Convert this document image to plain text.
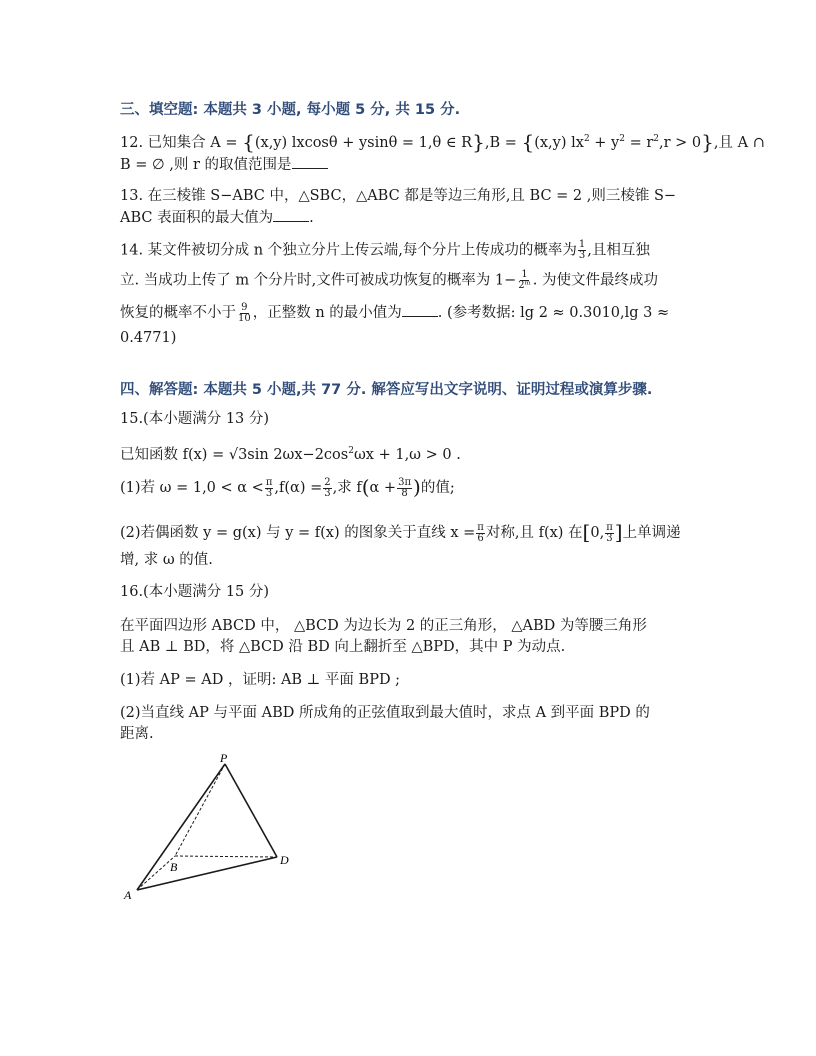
三、填空题: 本题共 3 小题, 每小题 5 分, 共 15 分.
12. 已知集合 A = {(x,y) lxcosθ + ysinθ = 1,θ ∈ R},B = {(x,y) $lx^2 + y^2 = r^2,r > 0$},且 A ∩
B = ∅ ,则 r 的取值范围是
13. 在三棱锥 S−ABC 中，△SBC，△ABC 都是等边三角形,且 BC = 2 ,则三棱锥 S−
ABC 表面积的最大值为 .
14. 某文件被切分成 n 个独立分片上传云端,每个分片上传成功的概率为 $\frac{1}{3}$ ,且相互独
立. 当成功上传了 m 个分片时,文件可被成功恢复的概率为 $1- \frac{1}{\text{2ᵐ}}$ . 为使文件最终成功
恢复的概率不小于 $\frac{9}{10}$ ，正整数 n 的最小值为 . (参考数据: lg 2 ≈ 0.3010,lg 3 ≈
0.4771)
四、解答题: 本题共 5 小题,共 77 分. 解答应写出文字说明、证明过程或演算步骤.
15.(本小题满分 13 分)
已知函数 f(x) = √3sin $2\omega x-2\cos^2\omega x + 1,\omega > 0$ .
(1)若 $\omega = 1,0 < \alpha < \frac{\pi}{3} ,f(\alpha) = \frac{2}{3}$ ,求 $f(\alpha + \frac{3\pi}{8}$ )的值;
(2)若偶函数 y = g(x) 与 y = f(x) 的图象关于直线 $x = \frac{\pi}{6}$ 对称,且 f(x) 在[0, $\frac{\pi}{3}$ ]上单调递
增, 求 ω 的值.
16.(本小题满分 15 分)
在平面四边形 ABCD 中， △BCD 为边长为 2 的正三角形， △ABD 为等腰三角形
且 AB ⊥ BD，将 △BCD 沿 BD 向上翻折至 △BPD，其中 P 为动点.
(1)若 AP = AD ，证明: AB ⊥ 平面 BPD ;
(2)当直线 AP 与平面 ABD 所成角的正弦值取到最大值时，求点 A 到平面 BPD 的
距离.
P
A
B	D
